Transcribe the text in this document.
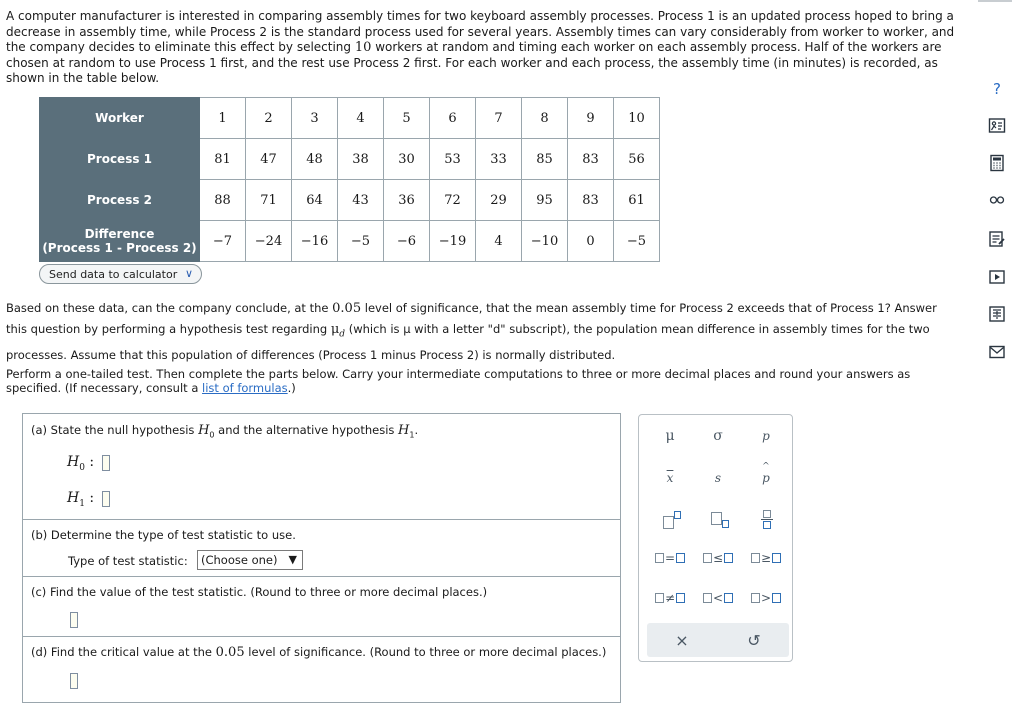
A computer manufacturer is interested in comparing assembly times for two keyboard assembly processes. Process 1 is an updated process hoped to bring a decrease in assembly time, while Process 2 is the standard process used for several years. Assembly times can vary considerably from worker to worker, and the company decides to eliminate this effect by selecting 10 workers at random and timing each worker on each assembly process. Half of the workers are chosen at random to use Process 1 first, and the rest use Process 2 first. For each worker and each process, the assembly time (in minutes) is recorded, as shown in the table below.

Worker	1	2	3	4	5	6	7	8	9	10
Process 1	81	47	48	38	30	53	33	85	83	56
Process 2	88	71	64	43	36	72	29	95	83	61
Difference
(Process 1 - Process 2)	−7	−24	−16	−5	−6	−19	4	−10	0	−5
Send data to calculator ∨

Based on these data, can the company conclude, at the 0.05 level of significance, that the mean assembly time for Process 2 exceeds that of Process 1? Answer this question by performing a hypothesis test regarding $\mu_d$ (which is μ with a letter "d" subscript), the population mean difference in assembly times for the two processes. Assume that this population of differences (Process 1 minus Process 2) is normally distributed.

Perform a one-tailed test. Then complete the parts below. Carry your intermediate computations to three or more decimal places and round your answers as specified. (If necessary, consult a list of formulas.)

(a) State the null hypothesis $H_0$ and the alternative hypothesis $H_1$.
$H_0$ :
$H_1$ :
(b) Determine the type of test statistic to use.
Type of test statistic: (Choose one) ▼
(c) Find the value of the test statistic. (Round to three or more decimal places.)
(d) Find the critical value at the 0.05 level of significance. (Round to three or more decimal places.)
μ	σ	p
$\overline{x}$	s	p
^
=	≤	≥
≠	<	>
×	↺
?
